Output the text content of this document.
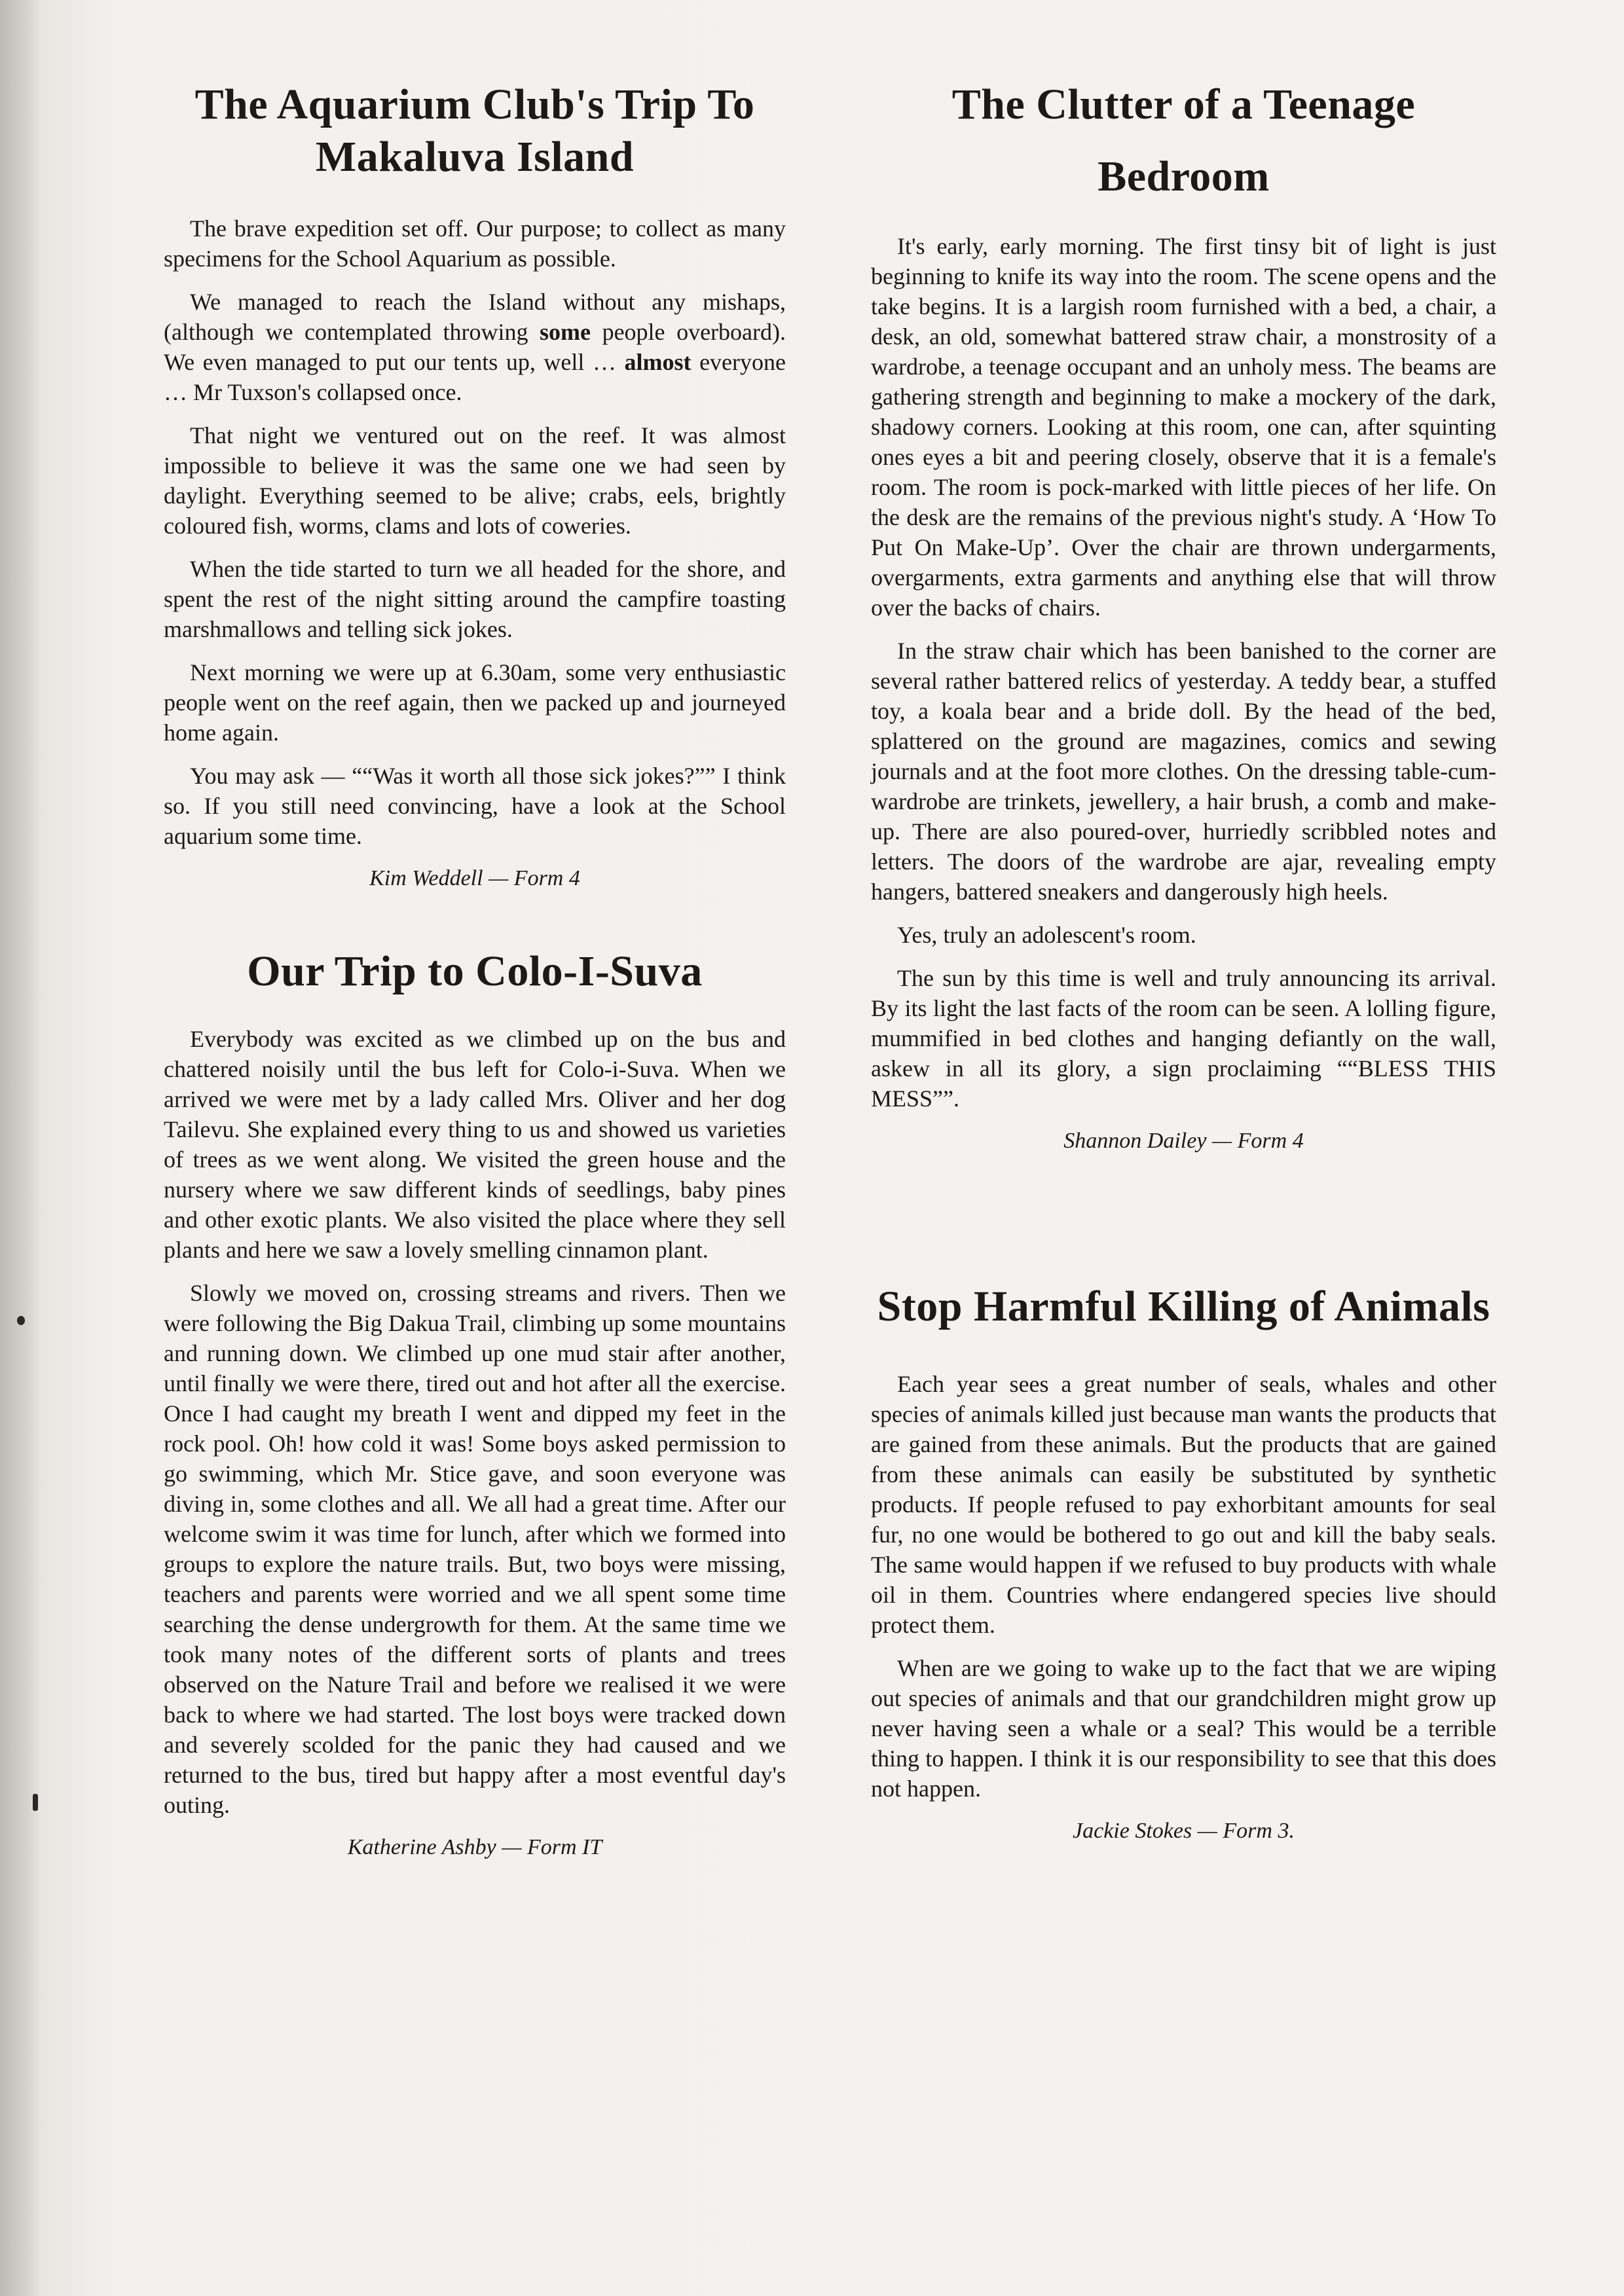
The Aquarium Club's Trip To Makaluva Island

The brave expedition set off. Our purpose; to collect as many specimens for the School Aquarium as possible.

We managed to reach the Island without any mishaps, (although we contemplated throwing some people overboard). We even managed to put our tents up, well … almost everyone … Mr Tuxson's collapsed once.

That night we ventured out on the reef. It was almost impossible to believe it was the same one we had seen by daylight. Everything seemed to be alive; crabs, eels, brightly coloured fish, worms, clams and lots of coweries.

When the tide started to turn we all headed for the shore, and spent the rest of the night sitting around the campfire toasting marshmallows and telling sick jokes.

Next morning we were up at 6.30am, some very enthusiastic people went on the reef again, then we packed up and journeyed home again.

You may ask — ““Was it worth all those sick jokes?”” I think so. If you still need convincing, have a look at the School aquarium some time.

Kim Weddell — Form 4
Our Trip to Colo-I-Suva

Everybody was excited as we climbed up on the bus and chattered noisily until the bus left for Colo-i-Suva. When we arrived we were met by a lady called Mrs. Oliver and her dog Tailevu. She explained every thing to us and showed us varieties of trees as we went along. We visited the green house and the nursery where we saw different kinds of seedlings, baby pines and other exotic plants. We also visited the place where they sell plants and here we saw a lovely smelling cinnamon plant.

Slowly we moved on, crossing streams and rivers. Then we were following the Big Dakua Trail, climbing up some mountains and running down. We climbed up one mud stair after another, until finally we were there, tired out and hot after all the exercise. Once I had caught my breath I went and dipped my feet in the rock pool. Oh! how cold it was! Some boys asked permission to go swimming, which Mr. Stice gave, and soon everyone was diving in, some clothes and all. We all had a great time. After our welcome swim it was time for lunch, after which we formed into groups to explore the nature trails. But, two boys were missing, teachers and parents were worried and we all spent some time searching the dense undergrowth for them. At the same time we took many notes of the different sorts of plants and trees observed on the Nature Trail and before we realised it we were back to where we had started. The lost boys were tracked down and severely scolded for the panic they had caused and we returned to the bus, tired but happy after a most eventful day's outing.

Katherine Ashby — Form IT
The Clutter of a Teenage Bedroom

It's early, early morning. The first tinsy bit of light is just beginning to knife its way into the room. The scene opens and the take begins. It is a largish room furnished with a bed, a chair, a desk, an old, somewhat battered straw chair, a monstrosity of a wardrobe, a teenage occupant and an unholy mess. The beams are gathering strength and beginning to make a mockery of the dark, shadowy corners. Looking at this room, one can, after squinting ones eyes a bit and peering closely, observe that it is a female's room. The room is pock-marked with little pieces of her life. On the desk are the remains of the previous night's study. A ‘How To Put On Make-Up’. Over the chair are thrown undergarments, overgarments, extra garments and anything else that will throw over the backs of chairs.

In the straw chair which has been banished to the corner are several rather battered relics of yesterday. A teddy bear, a stuffed toy, a koala bear and a bride doll. By the head of the bed, splattered on the ground are magazines, comics and sewing journals and at the foot more clothes. On the dressing table-cum-wardrobe are trinkets, jewellery, a hair brush, a comb and make-up. There are also poured-over, hurriedly scribbled notes and letters. The doors of the wardrobe are ajar, revealing empty hangers, battered sneakers and dangerously high heels.

Yes, truly an adolescent's room.

The sun by this time is well and truly announcing its arrival. By its light the last facts of the room can be seen. A lolling figure, mummified in bed clothes and hanging defiantly on the wall, askew in all its glory, a sign proclaiming ““BLESS THIS MESS””.

Shannon Dailey — Form 4
Stop Harmful Killing of Animals

Each year sees a great number of seals, whales and other species of animals killed just because man wants the products that are gained from these animals. But the products that are gained from these animals can easily be substituted by synthetic products. If people refused to pay exhorbitant amounts for seal fur, no one would be bothered to go out and kill the baby seals. The same would happen if we refused to buy products with whale oil in them. Countries where endangered species live should protect them.

When are we going to wake up to the fact that we are wiping out species of animals and that our grandchildren might grow up never having seen a whale or a seal? This would be a terrible thing to happen. I think it is our responsibility to see that this does not happen.

Jackie Stokes — Form 3.
